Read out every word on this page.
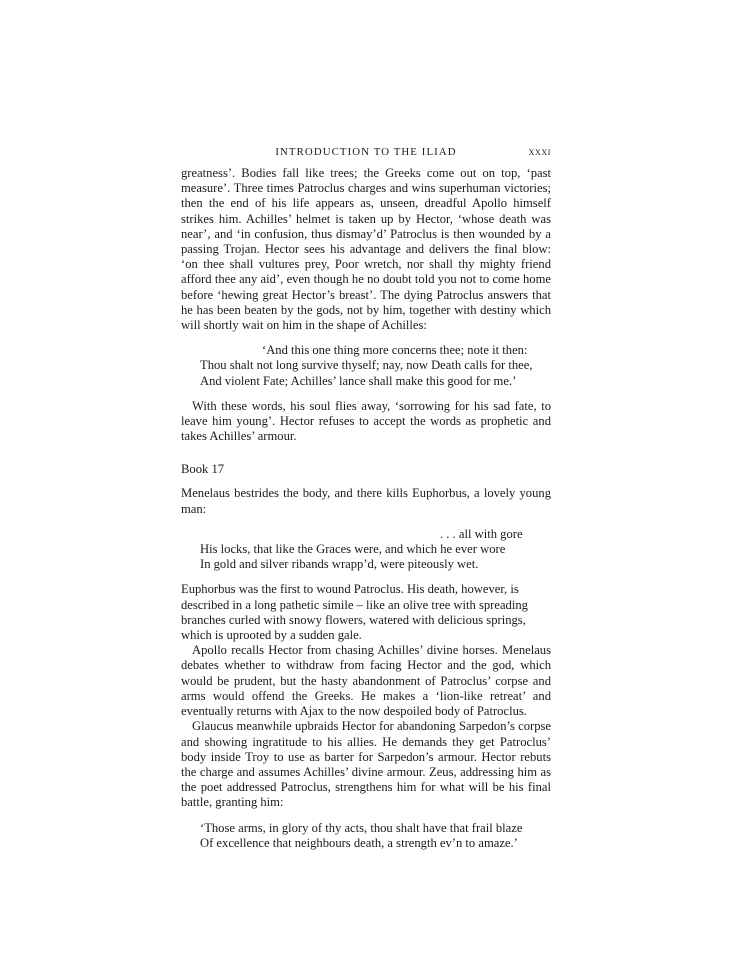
INTRODUCTION TO THE ILIAD	xxxi

greatness’. Bodies fall like trees; the Greeks come out on top, ‘past measure’. Three times Patroclus charges and wins superhuman victories; then the end of his life appears as, unseen, dreadful Apollo himself strikes him. Achilles’ helmet is taken up by Hector, ‘whose death was near’, and ‘in confusion, thus dismay’d’ Patroclus is then wounded by a passing Trojan. Hector sees his advantage and delivers the final blow: ‘on thee shall vultures prey, Poor wretch, nor shall thy mighty friend afford thee any aid’, even though he no doubt told you not to come home before ‘hewing great Hector’s breast’. The dying Patroclus answers that he has been beaten by the gods, not by him, together with destiny which will shortly wait on him in the shape of Achilles:

‘And this one thing more concerns thee; note it then:
Thou shalt not long survive thyself; nay, now Death calls for thee,
And violent Fate; Achilles’ lance shall make this good for me.’

With these words, his soul flies away, ‘sorrowing for his sad fate, to leave him young’. Hector refuses to accept the words as prophetic and takes Achilles’ armour.

Book 17

Menelaus bestrides the body, and there kills Euphorbus, a lovely young man:

. . . all with gore
His locks, that like the Graces were, and which he ever wore
In gold and silver ribands wrapp’d, were piteously wet.

Euphorbus was the first to wound Patroclus. His death, however, is described in a long pathetic simile – like an olive tree with spreading branches curled with snowy flowers, watered with delicious springs, which is uprooted by a sudden gale.

Apollo recalls Hector from chasing Achilles’ divine horses. Menelaus debates whether to withdraw from facing Hector and the god, which would be prudent, but the hasty abandonment of Patroclus’ corpse and arms would offend the Greeks. He makes a ‘lion-like retreat’ and eventually returns with Ajax to the now despoiled body of Patroclus.

Glaucus meanwhile upbraids Hector for abandoning Sarpedon’s corpse and showing ingratitude to his allies. He demands they get Patroclus’ body inside Troy to use as barter for Sarpedon’s armour. Hector rebuts the charge and assumes Achilles’ divine armour. Zeus, addressing him as the poet addressed Patroclus, strengthens him for what will be his final battle, granting him:

‘Those arms, in glory of thy acts, thou shalt have that frail blaze
Of excellence that neighbours death, a strength ev’n to amaze.’
